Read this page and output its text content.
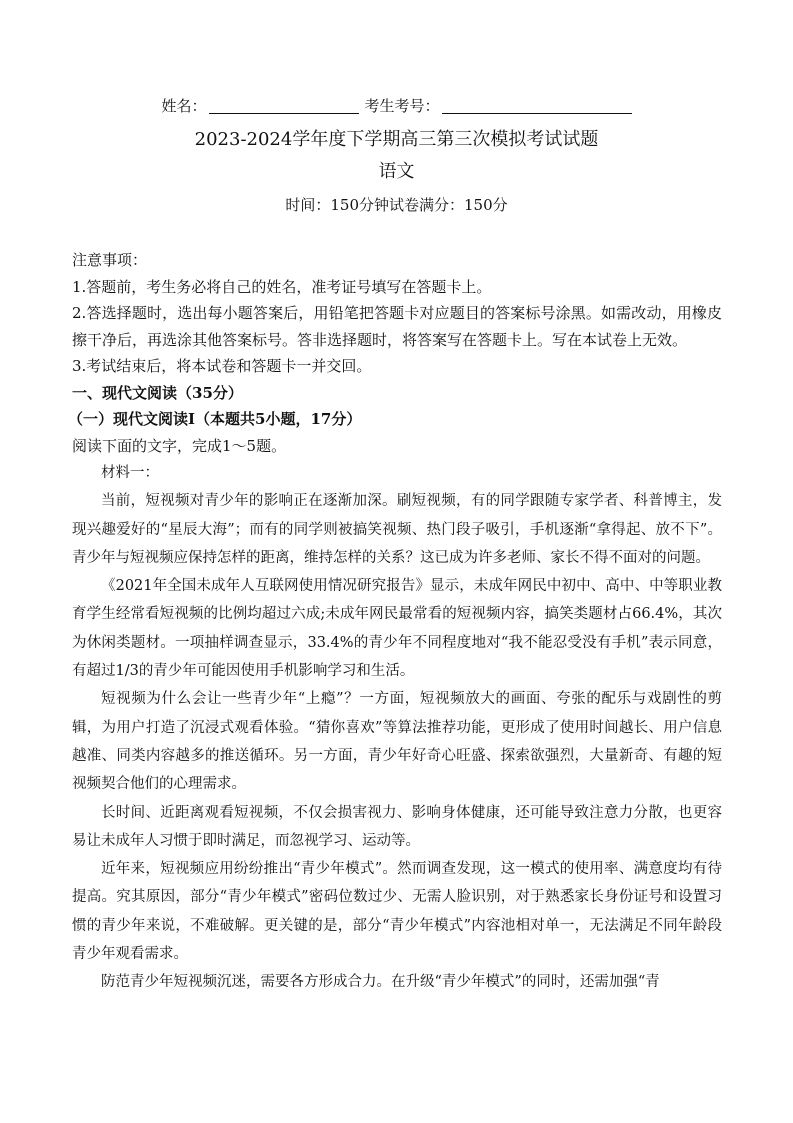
姓名：	考生考号：
2023-2024学年度下学期高三第三次模拟考试试题
语文
时间：150分钟试卷满分：150分

注意事项：

1.答题前，考生务必将自己的姓名，准考证号填写在答题卡上。

2.答选择题时，选出每小题答案后，用铅笔把答题卡对应题目的答案标号涂黑。如需改动，用橡皮擦干净后，再选涂其他答案标号。答非选择题时，将答案写在答题卡上。写在本试卷上无效。

3.考试结束后，将本试卷和答题卡一并交回。

一、现代文阅读（35分）

（一）现代文阅读Ⅰ（本题共5小题，17分）

阅读下面的文字，完成1～5题。

材料一：

当前，短视频对青少年的影响正在逐渐加深。刷短视频，有的同学跟随专家学者、科普博主，发现兴趣爱好的“星辰大海”；而有的同学则被搞笑视频、热门段子吸引，手机逐渐“拿得起、放不下”。青少年与短视频应保持怎样的距离，维持怎样的关系？这已成为许多老师、家长不得不面对的问题。

《2021年全国未成年人互联网使用情况研究报告》显示，未成年网民中初中、高中、中等职业教育学生经常看短视频的比例均超过六成;未成年网民最常看的短视频内容，搞笑类题材占66.4%，其次为休闲类题材。一项抽样调查显示，33.4%的青少年不同程度地对“我不能忍受没有手机”表示同意，有超过1/3的青少年可能因使用手机影响学习和生活。

短视频为什么会让一些青少年“上瘾”？一方面，短视频放大的画面、夸张的配乐与戏剧性的剪辑，为用户打造了沉浸式观看体验。“猜你喜欢”等算法推荐功能，更形成了使用时间越长、用户信息越准、同类内容越多的推送循环。另一方面，青少年好奇心旺盛、探索欲强烈，大量新奇、有趣的短视频契合他们的心理需求。

长时间、近距离观看短视频，不仅会损害视力、影响身体健康，还可能导致注意力分散，也更容易让未成年人习惯于即时满足，而忽视学习、运动等。

近年来，短视频应用纷纷推出“青少年模式”。然而调查发现，这一模式的使用率、满意度均有待提高。究其原因，部分“青少年模式”密码位数过少、无需人脸识别，对于熟悉家长身份证号和设置习惯的青少年来说，不难破解。更关键的是，部分“青少年模式”内容池相对单一，无法满足不同年龄段青少年观看需求。

防范青少年短视频沉迷，需要各方形成合力。在升级“青少年模式”的同时，还需加强“青
